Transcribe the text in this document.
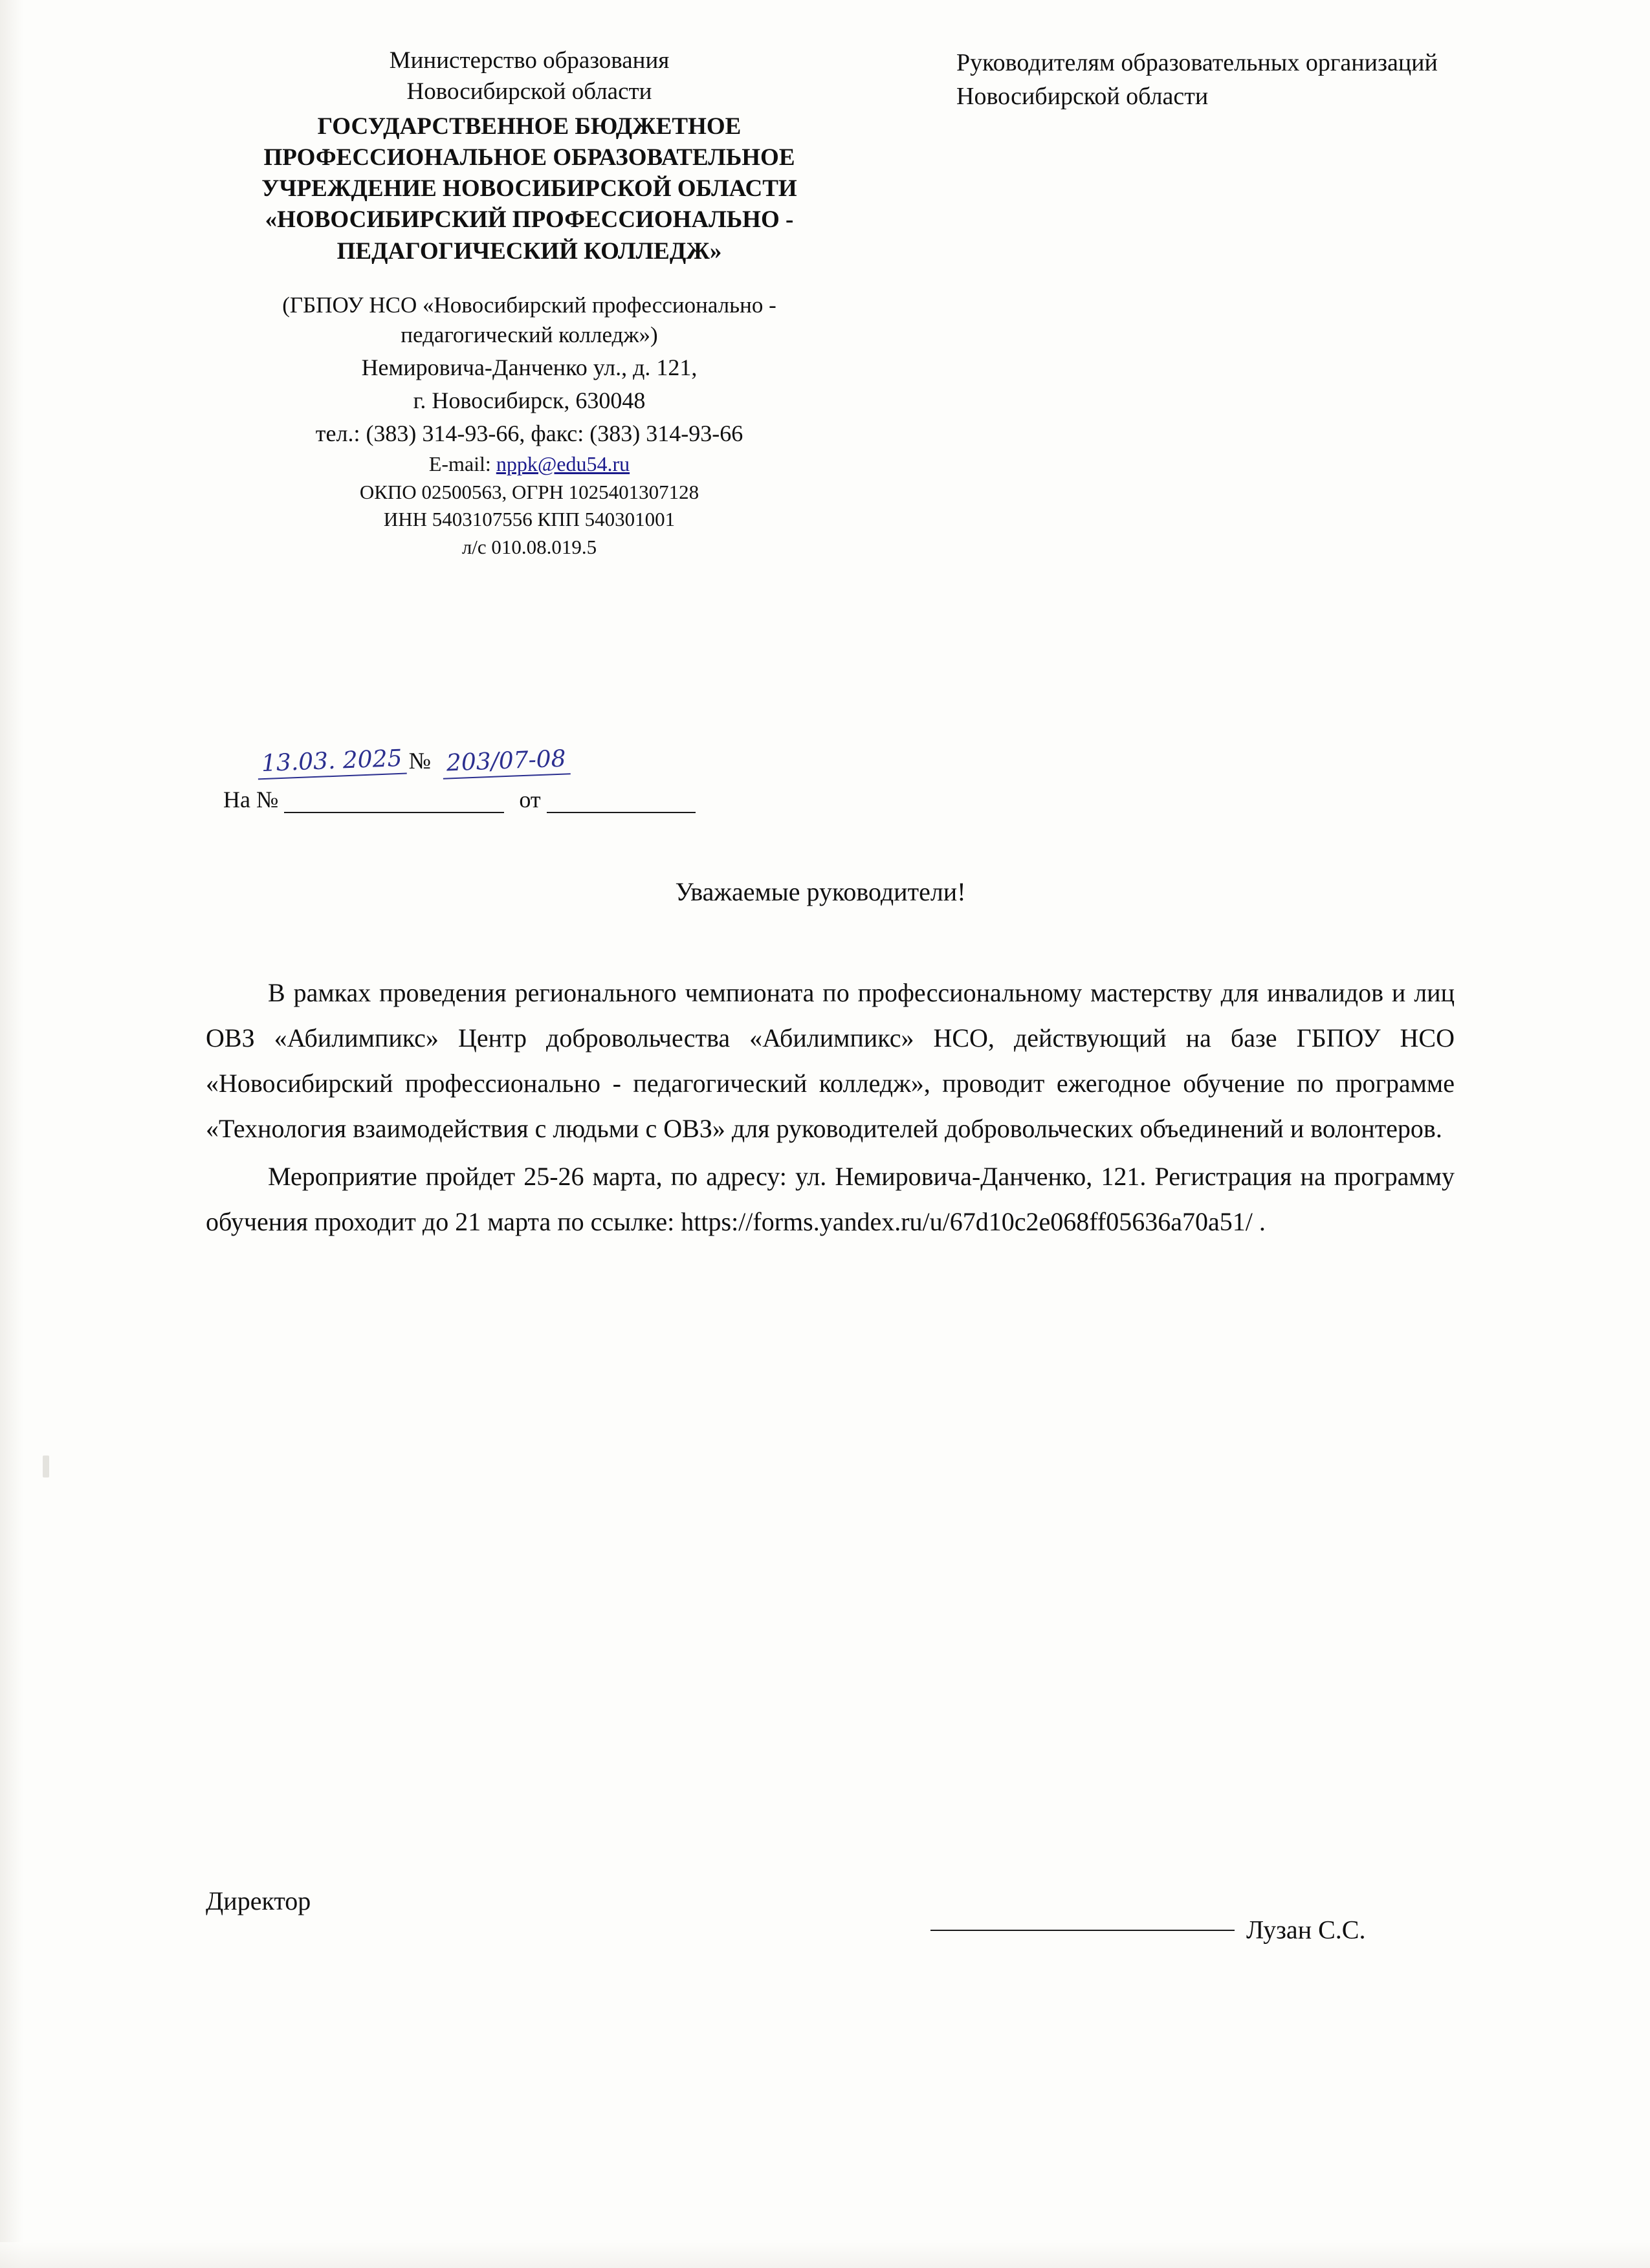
Министерство образования
Новосибирской области
ГОСУДАРСТВЕННОЕ БЮДЖЕТНОЕ ПРОФЕССИОНАЛЬНОЕ ОБРАЗОВАТЕЛЬНОЕ УЧРЕЖДЕНИЕ НОВОСИБИРСКОЙ ОБЛАСТИ «НОВОСИБИРСКИЙ ПРОФЕССИОНАЛЬНО - ПЕДАГОГИЧЕСКИЙ КОЛЛЕДЖ»
(ГБПОУ НСО «Новосибирский профессионально - педагогический колледж»)
Немировича-Данченко ул., д. 121,
г. Новосибирск, 630048
тел.: (383) 314-93-66, факс: (383) 314-93-66
E-mail: nppk@edu54.ru
ОКПО 02500563, ОГРН 1025401307128
ИНН 5403107556 КПП 540301001
л/с 010.08.019.5
13.03. 2025 № 203/07-08
На №	от
Руководителям образовательных организаций Новосибирской области
Уважаемые руководители!

В рамках проведения регионального чемпионата по профессиональному мастерству для инвалидов и лиц ОВЗ «Абилимпикс» Центр добровольчества «Абилимпикс» НСО, действующий на базе ГБПОУ НСО «Новосибирский профессионально - педагогический колледж», проводит ежегодное обучение по программе «Технология взаимодействия с людьми с ОВЗ» для руководителей добровольческих объединений и волонтеров.

Мероприятие пройдет 25-26 марта, по адресу: ул. Немировича-Данченко, 121. Регистрация на программу обучения проходит до 21 марта по ссылке: https://forms.yandex.ru/u/67d10c2e068ff05636a70a51/ .

Директор
Лузан С.С.
